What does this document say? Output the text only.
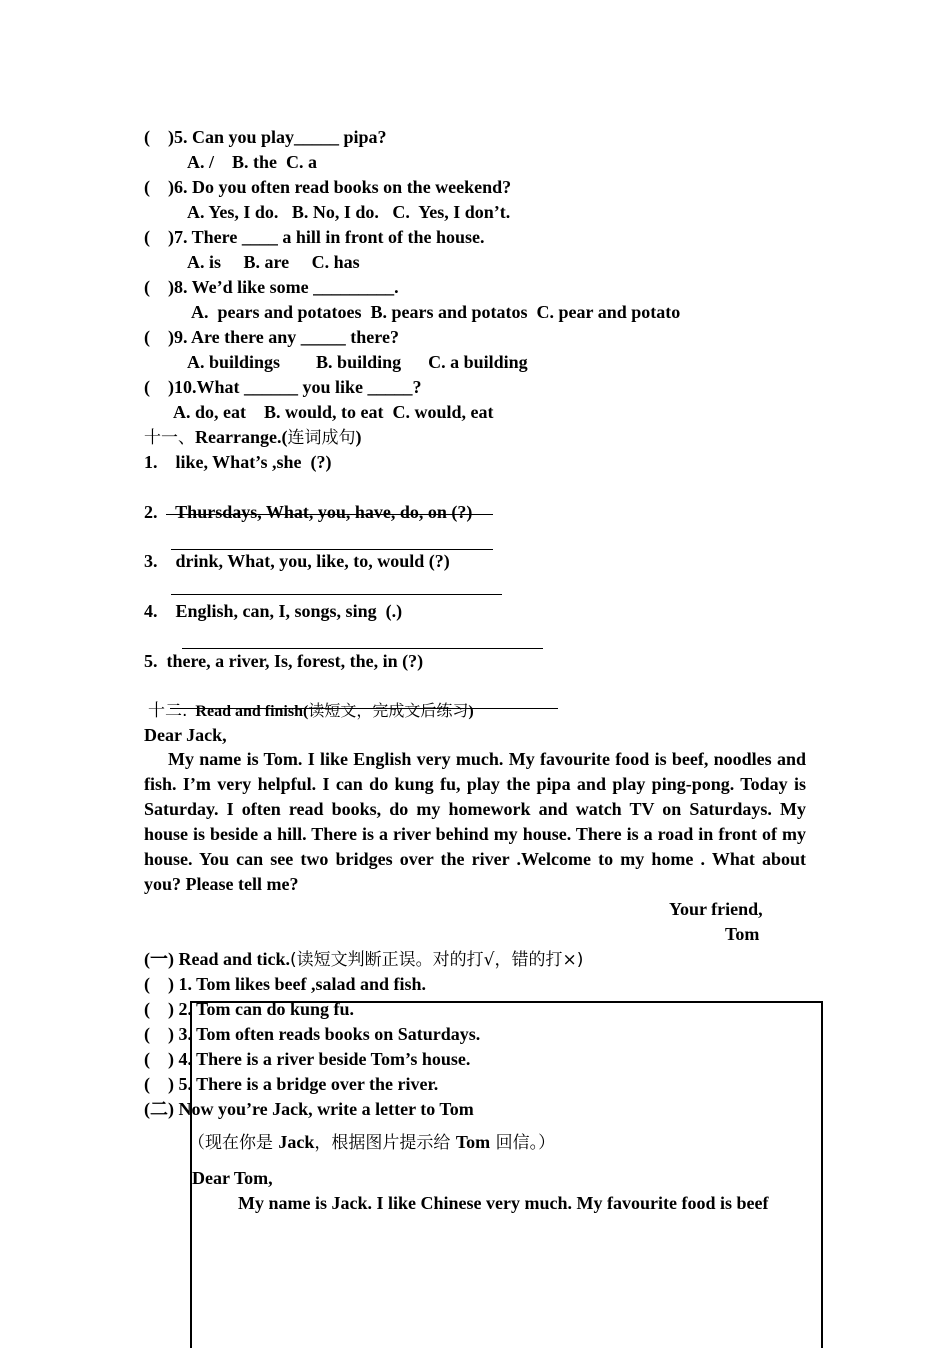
(    )5. Can you play_____ pipa?
A. /    B. the  C. a
(    )6. Do you often read books on the weekend?
A. Yes, I do.   B. No, I do.   C.  Yes, I don’t.
(    )7. There ____ a hill in front of the house.
A. is     B. are     C. has
(    )8. We’d like some _________.
A.  pears and potatoes  B. pears and potatos  C. pear and potato
(    )9. Are there any _____ there?
A. buildings        B. building      C. a building
(    )10.What ______ you like _____?
A. do, eat    B. would, to eat  C. would, eat
十一、Rearrange.(连词成句)
1.    like, What’s ,she  (?)
2.    Thursdays, What, you, have, do, on (?)
3.    drink, What, you, like, to, would (?)
4.    English, can, I, songs, sing  (.)
5.  there, a river, Is, forest, the, in (?)
十二. Read and finish(读短文，完成文后练习)
Dear Jack,
My name is Tom. I like English very much. My favourite food is beef, noodles and fish. I’m very helpful. I can do kung fu, play the pipa and play ping-pong. Today is Saturday. I often read books, do my homework and watch TV on Saturdays. My house is beside a hill. There is a river behind my house. There is a road in front of my house. You can see two bridges over the river .Welcome to my home . What about you? Please tell me?
Your friend,
Tom
(一) Read and tick.(读短文判断正误。对的打√，错的打×)
(    ) 1. Tom likes beef ,salad and fish.
(    ) 2. Tom can do kung fu.
(    ) 3. Tom often reads books on Saturdays.
(    ) 4. There is a river beside Tom’s house.
(    ) 5. There is a bridge over the river.
(二) Now you’re Jack, write a letter to Tom
（现在你是 Jack，根据图片提示给 Tom 回信。）
Dear Tom,
My name is Jack. I like Chinese very much. My favourite food is beef
